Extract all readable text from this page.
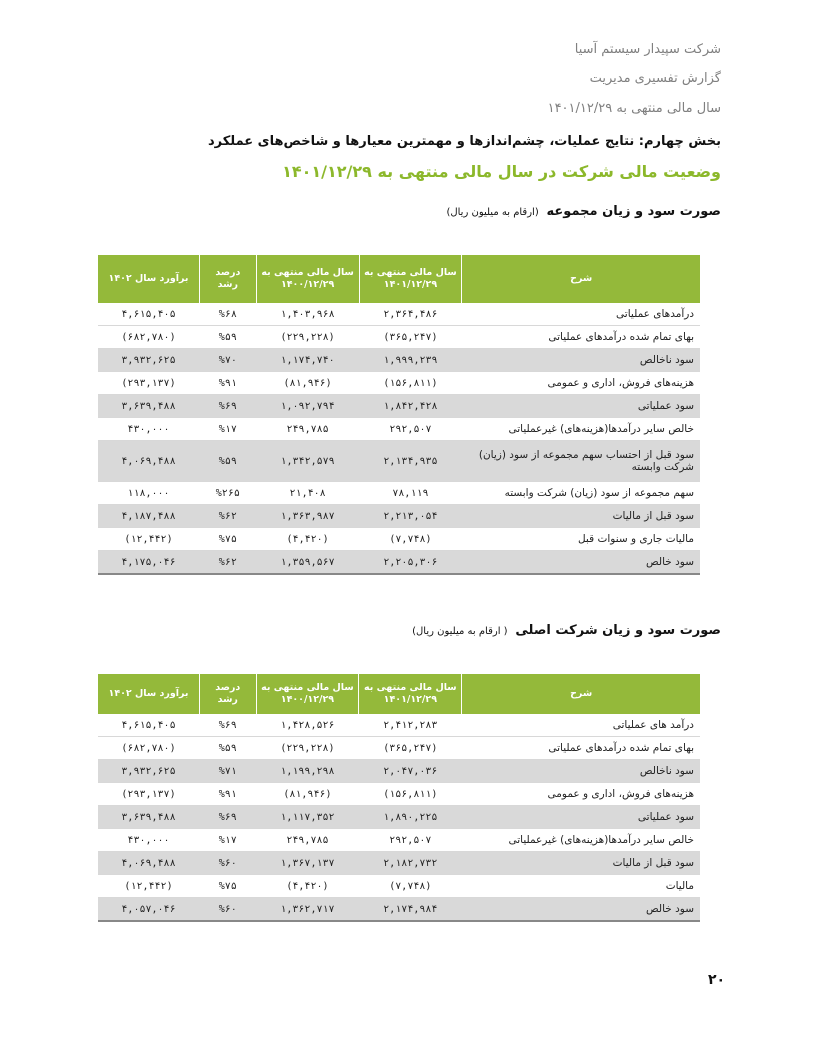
شرکت سپیدار سیستم آسیا
گزارش تفسیری مدیریت
سال مالی منتهی به ۱۴۰۱/۱۲/۲۹
بخش چهارم: نتایج عملیات، چشم‌اندازها و مهمترین معیارها و شاخص‌های عملکرد
وضعیت مالی شرکت در سال مالی منتهی به ۱۴۰۱/۱۲/۲۹
صورت سود و زیان مجموعه (ارقام به میلیون ریال)
شرح	سال مالی منتهی به ۱۴۰۱/۱۲/۲۹	سال مالی منتهی به ۱۴۰۰/۱۲/۲۹	درصد رشد	برآورد سال ۱۴۰۲
درآمدهای عملیاتی	۲,۳۶۴,۴۸۶	۱,۴۰۳,۹۶۸	%۶۸	۴,۶۱۵,۴۰۵
بهای تمام شده درآمدهای عملیاتی	(۳۶۵,۲۴۷)	(۲۲۹,۲۲۸)	%۵۹	(۶۸۲,۷۸۰)
سود ناخالص	۱,۹۹۹,۲۳۹	۱,۱۷۴,۷۴۰	%۷۰	۳,۹۳۲,۶۲۵
هزینه‌های فروش، اداری و عمومی	(۱۵۶,۸۱۱)	(۸۱,۹۴۶)	%۹۱	(۲۹۳,۱۳۷)
سود عملیاتی	۱,۸۴۲,۴۲۸	۱,۰۹۲,۷۹۴	%۶۹	۳,۶۳۹,۴۸۸
خالص سایر درآمدها(هزینه‌های) غیرعملیاتی	۲۹۲,۵۰۷	۲۴۹,۷۸۵	%۱۷	۴۳۰,۰۰۰
سود قبل از احتساب سهم مجموعه از سود (زیان) شرکت وابسته	۲,۱۳۴,۹۳۵	۱,۳۴۲,۵۷۹	%۵۹	۴,۰۶۹,۴۸۸
سهم مجموعه از سود (زیان) شرکت وابسته	۷۸,۱۱۹	۲۱,۴۰۸	%۲۶۵	۱۱۸,۰۰۰
سود قبل از مالیات	۲,۲۱۳,۰۵۴	۱,۳۶۳,۹۸۷	%۶۲	۴,۱۸۷,۴۸۸
مالیات جاری و سنوات قبل	(۷,۷۴۸)	(۴,۴۲۰)	%۷۵	(۱۲,۴۴۲)
سود خالص	۲,۲۰۵,۳۰۶	۱,۳۵۹,۵۶۷	%۶۲	۴,۱۷۵,۰۴۶
صورت سود و زیان شرکت اصلی ( ارقام به میلیون ریال)
شرح	سال مالی منتهی به ۱۴۰۱/۱۲/۲۹	سال مالی منتهی به ۱۴۰۰/۱۲/۲۹	درصد رشد	برآورد سال ۱۴۰۲
درآمد های عملیاتی	۲,۴۱۲,۲۸۳	۱,۴۲۸,۵۲۶	%۶۹	۴,۶۱۵,۴۰۵
بهای تمام شده درآمدهای عملیاتی	(۳۶۵,۲۴۷)	(۲۲۹,۲۲۸)	%۵۹	(۶۸۲,۷۸۰)
سود ناخالص	۲,۰۴۷,۰۳۶	۱,۱۹۹,۲۹۸	%۷۱	۳,۹۳۲,۶۲۵
هزینه‌های فروش، اداری و عمومی	(۱۵۶,۸۱۱)	(۸۱,۹۴۶)	%۹۱	(۲۹۳,۱۳۷)
سود عملیاتی	۱,۸۹۰,۲۲۵	۱,۱۱۷,۳۵۲	%۶۹	۳,۶۳۹,۴۸۸
خالص سایر درآمدها(هزینه‌های) غیرعملیاتی	۲۹۲,۵۰۷	۲۴۹,۷۸۵	%۱۷	۴۳۰,۰۰۰
سود قبل از مالیات	۲,۱۸۲,۷۳۲	۱,۳۶۷,۱۳۷	%۶۰	۴,۰۶۹,۴۸۸
مالیات	(۷,۷۴۸)	(۴,۴۲۰)	%۷۵	(۱۲,۴۴۲)
سود خالص	۲,۱۷۴,۹۸۴	۱,۳۶۲,۷۱۷	%۶۰	۴,۰۵۷,۰۴۶
۲۰
